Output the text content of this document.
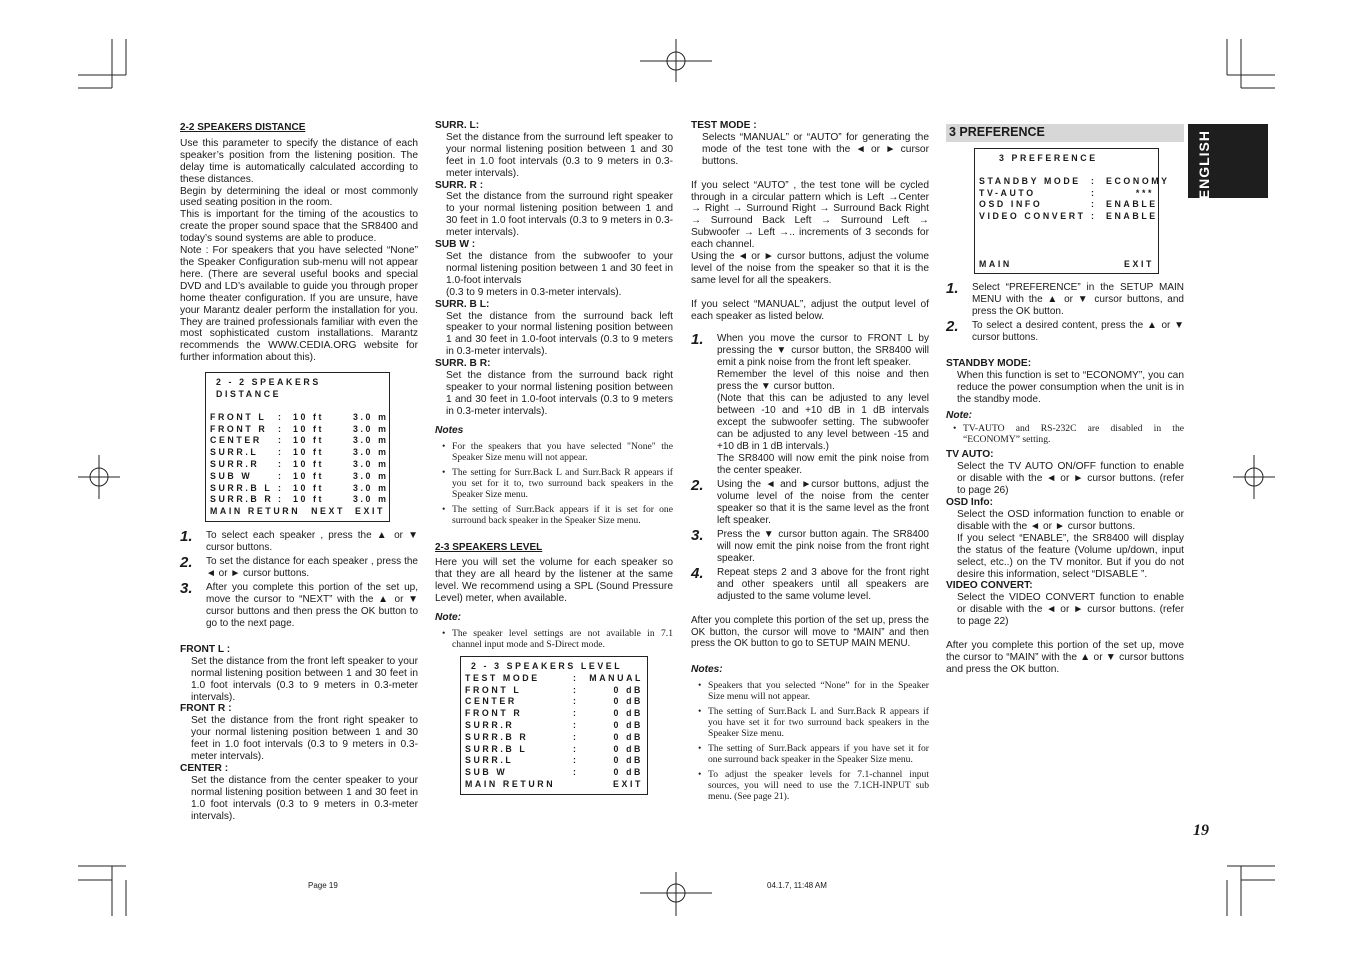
ENGLISH
19
Page 19	04.1.7, 11:48 AM
2-2 SPEAKERS DISTANCE

Use this parameter to specify the distance of each speaker’s position from the listening position. The delay time is automatically calculated according to these distances.

Begin by determining the ideal or most commonly used seating position in the room.

This is important for the timing of the acoustics to create the proper sound space that the SR8400 and today’s sound systems are able to produce.

Note : For speakers that you have selected “None” the Speaker Configuration sub-menu will not appear here. (There are several useful books and special DVD and LD’s available to guide you through proper home theater configuration. If you are unsure, have your Marantz dealer perform the installation for you. They are trained professionals familiar with even the most sophisticated custom installations. Marantz recommends the WWW.CEDIA.ORG website for further information about this).

2 - 2 SPEAKERS DISTANCE
FRONT L	:	10 ft	3.0 m
FRONT R	:	10 ft	3.0 m
CENTER	:	10 ft	3.0 m
SURR.L	:	10 ft	3.0 m
SURR.R	:	10 ft	3.0 m
SUB W	:	10 ft	3.0 m
SURR.B L :	10 ft	3.0 m
SURR.B R :	10 ft	3.0 m
MAIN RETURN NEXT EXIT
1.	To select each speaker , press the ▲ or ▼ cursor buttons.

2.	To set the distance for each speaker , press the ◄ or ► cursor buttons.

3.	After you complete this portion of the set up, move the cursor to “NEXT” with the ▲ or ▼ cursor buttons and then press the OK button to go to the next page.

FRONT L :

Set the distance from the front left speaker to your normal listening position between 1 and 30 feet in 1.0 foot intervals (0.3 to 9 meters in 0.3-meter intervals).

FRONT R :

Set the distance from the front right speaker to your normal listening position between 1 and 30 feet in 1.0 foot intervals (0.3 to 9 meters in 0.3-meter intervals).

CENTER :

Set the distance from the center speaker to your normal listening position between 1 and 30 feet in 1.0 foot intervals (0.3 to 9 meters in 0.3-meter intervals).

SURR. L:

Set the distance from the surround left speaker to your normal listening position between 1 and 30 feet in 1.0 foot intervals (0.3 to 9 meters in 0.3-meter intervals).

SURR. R :

Set the distance from the surround right speaker to your normal listening position between 1 and 30 feet in 1.0 foot intervals (0.3 to 9 meters in 0.3-meter intervals).

SUB W :

Set the distance from the subwoofer to your normal listening position between 1 and 30 feet in 1.0-foot intervals

(0.3 to 9 meters in 0.3-meter intervals).

SURR. B L:

Set the distance from the surround back left speaker to your normal listening position between 1 and 30 feet in 1.0-foot intervals (0.3 to 9 meters in 0.3-meter intervals).

SURR. B R:

Set the distance from the surround back right speaker to your normal listening position between 1 and 30 feet in 1.0-foot intervals (0.3 to 9 meters in 0.3-meter intervals).

Notes
• For the speakers that you have selected "None" the Speaker Size menu will not appear.
• The setting for Surr.Back L and Surr.Back R appears if you set for it to, two surround back speakers in the Speaker Size menu.
• The setting of Surr.Back appears if it is set for one surround back speaker in the Speaker Size menu.
2-3 SPEAKERS LEVEL

Here you will set the volume for each speaker so that they are all heard by the listener at the same level. We recommend using a SPL (Sound Pressure Level) meter, when available.

Note:
• The speaker level settings are not available in 7.1 channel input mode and S-Direct mode.
2 - 3 SPEAKERS LEVEL
TEST MODE	:	MANUAL
FRONT L	:	0 dB
CENTER	:	0 dB
FRONT R	:	0 dB
SURR.R	:	0 dB
SURR.B R	:	0 dB
SURR.B L	:	0 dB
SURR.L	:	0 dB
SUB W	:	0 dB
MAIN RETURN	EXIT
TEST MODE :

Selects “MANUAL” or “AUTO” for generating the mode of the test tone with the ◄ or ► cursor buttons.

If you select “AUTO” , the test tone will be cycled through in a circular pattern which is Left →Center → Right → Surround Right → Surround Back Right → Surround Back Left → Surround Left → Subwoofer → Left →.. increments of 3 seconds for each channel.

Using the ◄ or ► cursor buttons, adjust the volume level of the noise from the speaker so that it is the same level for all the speakers.

If you select “MANUAL”, adjust the output level of each speaker as listed below.

1.	When you move the cursor to FRONT L by pressing the ▼ cursor button, the SR8400 will emit a pink noise from the front left speaker.

Remember the level of this noise and then press the ▼ cursor button.

(Note that this can be adjusted to any level between -10 and +10 dB in 1 dB intervals except the subwoofer setting. The subwoofer can be adjusted to any level between -15 and +10 dB in 1 dB intervals.)

The SR8400 will now emit the pink noise from the center speaker.

2.	Using the ◄ and ►cursor buttons, adjust the volume level of the noise from the center speaker so that it is the same level as the front left speaker.

3.	Press the ▼ cursor button again. The SR8400 will now emit the pink noise from the front right speaker.

4.	Repeat steps 2 and 3 above for the front right and other speakers until all speakers are adjusted to the same volume level.

After you complete this portion of the set up, press the OK button, the cursor will move to “MAIN” and then press the OK button to go to SETUP MAIN MENU.

Notes:
• Speakers that you selected “None” for in the Speaker Size menu will not appear.
• The setting of Surr.Back L and Surr.Back R appears if you have set it for two surround back speakers in the Speaker Size menu.
• The setting of Surr.Back appears if you have set it for one surround back speaker in the Speaker Size menu.
• To adjust the speaker levels for 7.1-channel input sources, you will need to use the 7.1CH-INPUT sub menu. (See page 21).
3 PREFERENCE
3 PREFERENCE
STANDBY MODE	:	ECONOMY
TV-AUTO	:	***
OSD INFO	:	ENABLE
VIDEO CONVERT :	ENABLE
MAIN	EXIT
1.	Select “PREFERENCE” in the SETUP MAIN MENU with the ▲ or ▼ cursor buttons, and press the OK button.

2.	To select a desired content, press the ▲ or ▼ cursor buttons.

STANDBY MODE:

When this function is set to “ECONOMY”, you can reduce the power consumption when the unit is in the standby mode.

Note:
• TV-AUTO and RS-232C are disabled in the “ECONOMY” setting.
TV AUTO:

Select the TV AUTO ON/OFF function to enable or disable with the ◄ or ► cursor buttons. (refer to page 26)

OSD Info:

Select the OSD information function to enable or disable with the ◄ or ► cursor buttons.

If you select “ENABLE”, the SR8400 will display the status of the feature (Volume up/down, input select, etc..) on the TV monitor. But if you do not desire this information, select “DISABLE ”.

VIDEO CONVERT:

Select the VIDEO CONVERT function to enable or disable with the ◄ or ► cursor buttons. (refer to page 22)

After you complete this portion of the set up, move the cursor to “MAIN” with the ▲ or ▼ cursor buttons and press the OK button.
